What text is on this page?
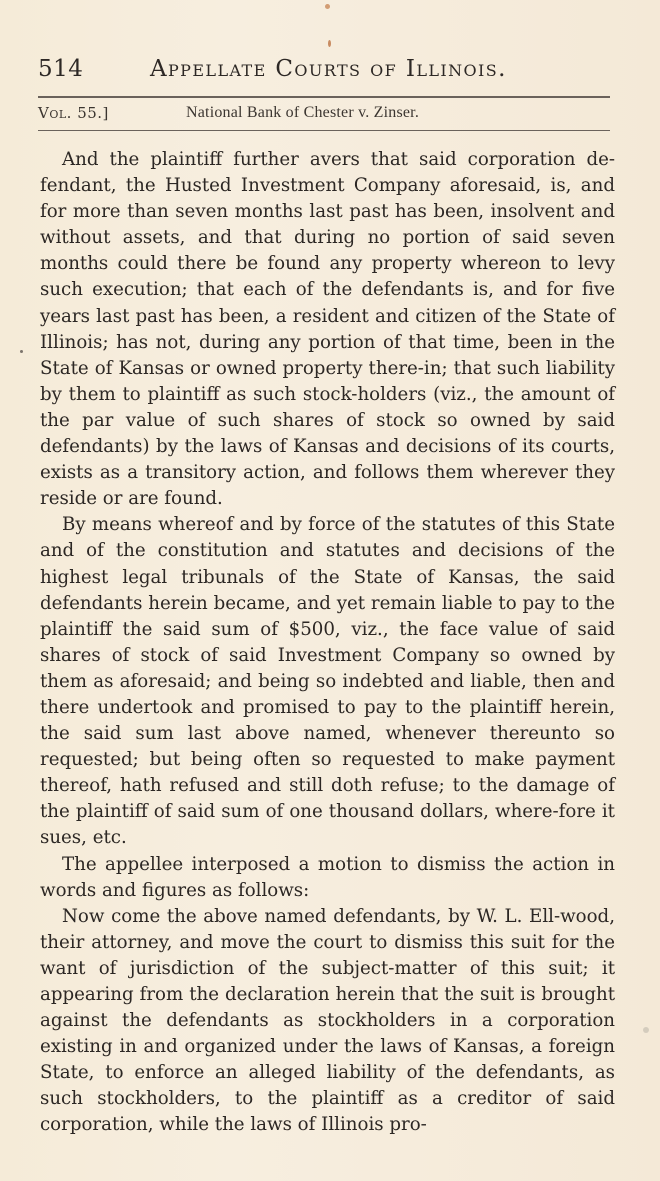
514	Appellate Courts of Illinois.
Vol. 55.]	National Bank of Chester v. Zinser.

And the plaintiff further avers that said corporation de-fendant, the Husted Investment Company aforesaid, is, and for more than seven months last past has been, insolvent and without assets, and that during no portion of said seven months could there be found any property whereon to levy such execution; that each of the defendants is, and for five years last past has been, a resident and citizen of the State of Illinois; has not, during any portion of that time, been in the State of Kansas or owned property there-in; that such liability by them to plaintiff as such stock-holders (viz., the amount of the par value of such shares of stock so owned by said defendants) by the laws of Kansas and decisions of its courts, exists as a transitory action, and follows them wherever they reside or are found.

By means whereof and by force of the statutes of this State and of the constitution and statutes and decisions of the highest legal tribunals of the State of Kansas, the said defendants herein became, and yet remain liable to pay to the plaintiff the said sum of $500, viz., the face value of said shares of stock of said Investment Company so owned by them as aforesaid; and being so indebted and liable, then and there undertook and promised to pay to the plaintiff herein, the said sum last above named, whenever thereunto so requested; but being often so requested to make payment thereof, hath refused and still doth refuse; to the damage of the plaintiff of said sum of one thousand dollars, where-fore it sues, etc.

The appellee interposed a motion to dismiss the action in words and figures as follows:

Now come the above named defendants, by W. L. Ell-wood, their attorney, and move the court to dismiss this suit for the want of jurisdiction of the subject-matter of this suit; it appearing from the declaration herein that the suit is brought against the defendants as stockholders in a corporation existing in and organized under the laws of Kansas, a foreign State, to enforce an alleged liability of the defendants, as such stockholders, to the plaintiff as a creditor of said corporation, while the laws of Illinois pro-
